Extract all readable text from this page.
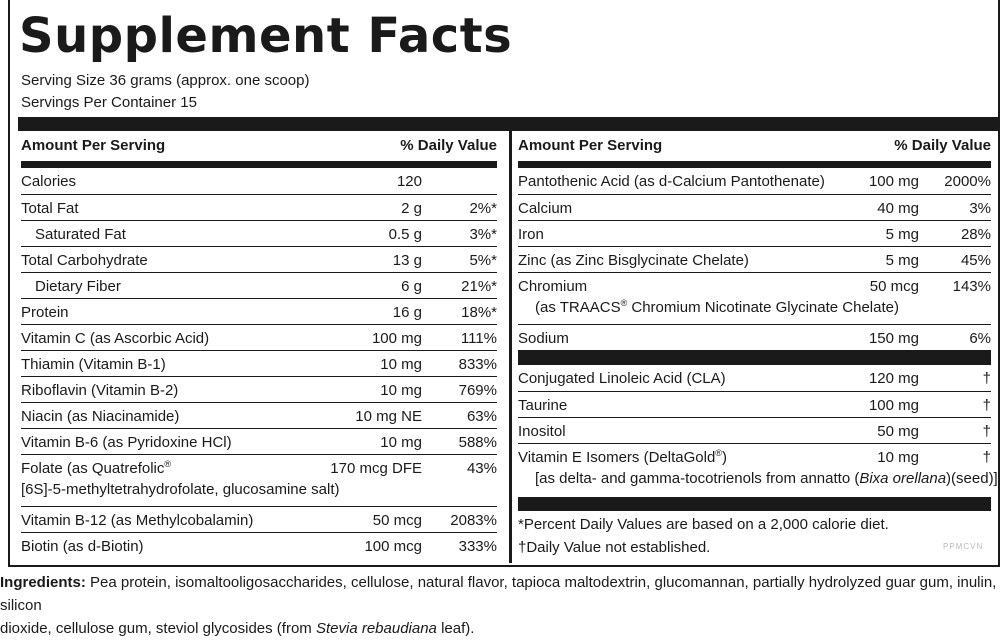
Supplement Facts
Serving Size 36 grams (approx. one scoop)
Servings Per Container 15
Amount Per Serving	% Daily Value
Calories	120
Total Fat	2 g	2%*
Saturated Fat	0.5 g	3%*
Total Carbohydrate	13 g	5%*
Dietary Fiber	6 g	21%*
Protein	16 g	18%*
Vitamin C (as Ascorbic Acid)	100 mg	111%
Thiamin (Vitamin B-1)	10 mg 833%
Riboflavin (Vitamin B-2)	10 mg 769%
Niacin (as Niacinamide)	10 mg NE	63%
Vitamin B-6 (as Pyridoxine HCl)	10 mg 588%
Folate (as Quatrefolic®
[6S]-5-methyltetrahydrofolate, glucosamine salt)
170 mcg DFE	43%
Vitamin B-12 (as Methylcobalamin)	50 mcg 2083%
Biotin (as d-Biotin)	100 mcg 333%
Amount Per Serving	% Daily Value
Pantothenic Acid (as d-Calcium Pantothenate)	100 mg 2000%
Calcium	40 mg	3%
Iron	5 mg	28%
Zinc (as Zinc Bisglycinate Chelate)	5 mg	45%
Chromium
(as TRAACS® Chromium Nicotinate Glycinate Chelate)
50 mcg 143%
Sodium	150 mg	6%
Conjugated Linoleic Acid (CLA)	120 mg	†
Taurine	100 mg	†
Inositol	50 mg	†
Vitamin E Isomers (DeltaGold®)
[as delta- and gamma-tocotrienols from annatto (Bixa orellana)(seed)]
10 mg	†
*Percent Daily Values are based on a 2,000 calorie diet.
†Daily Value not established.	PPMCVN
Ingredients: Pea protein, isomaltooligosaccharides, cellulose, natural flavor, tapioca maltodextrin, glucomannan, partially hydrolyzed guar gum, inulin, silicon
dioxide, cellulose gum, steviol glycosides (from Stevia rebaudiana leaf).
